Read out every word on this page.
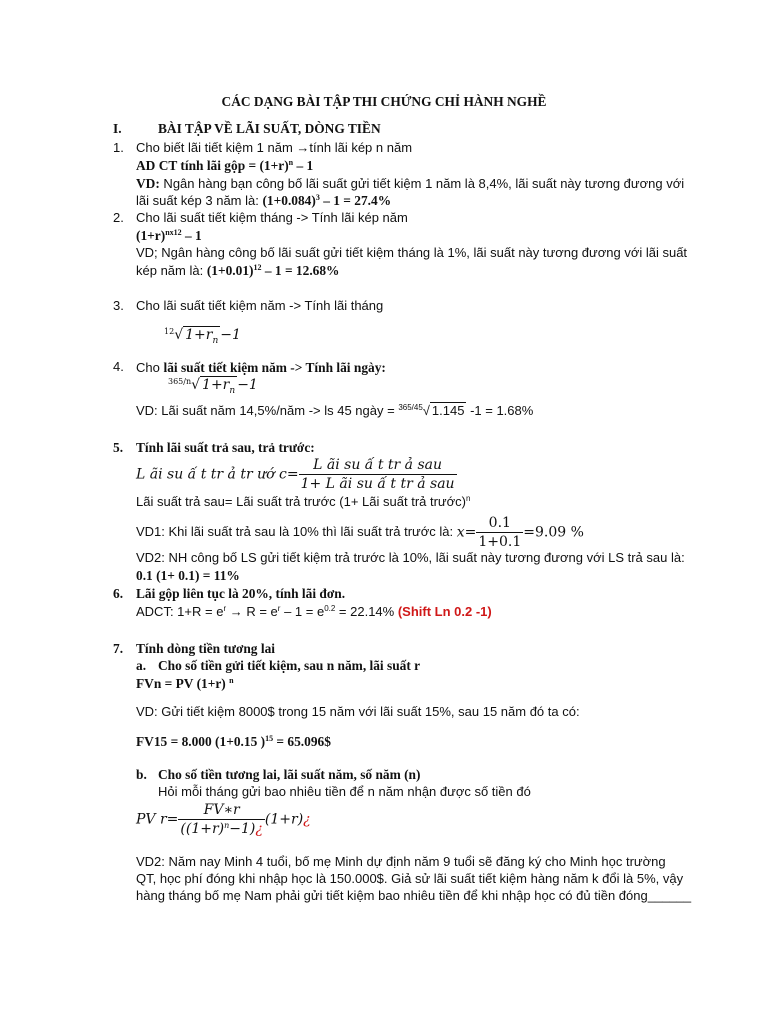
CÁC DẠNG BÀI TẬP THI CHỨNG CHỈ HÀNH NGHỀ
I.	BÀI TẬP VỀ LÃI SUẤT, DÒNG TIỀN
1. Cho biết lãi tiết kiệm 1 năm →tính lãi kép n năm
AD CT tính lãi gộp = $(1+r)^n - 1$
VD: Ngân hàng bạn công bố lãi suất gửi tiết kiệm 1 năm là 8,4%, lãi suất này tương đương với
lãi suất kép 3 năm là: $(1+0.084)^3 - 1 = 27.4\%$
2. Cho lãi suất tiết kiệm tháng -> Tính lãi kép năm
$(1+r)^{nx12} - 1$
VD; Ngân hàng công bố lãi suất gửi tiết kiệm tháng là 1%, lãi suất này tương đương với lãi suất
kép năm là: $(1+0.01)^{12} - 1 = 12.68\%$
3. Cho lãi suất tiết kiệm năm -> Tính lãi tháng
$^{12}$√ $1+r_n -1$
4. Cho lãi suất tiết kiệm năm -> Tính lãi ngày:
$^{365/n}$√ $1+r_n -1$
VD: Lãi suất năm 14,5%/năm -> ls 45 ngày = $^{365/45}$√ 1.145 -1 = 1.68%
5. Tính lãi suất trả sau, trả trước:
L ãi su ấ t tr ả tr ướ $c= \frac{\text{L ãi su ấ t tr ả sau}}{\text{1+ L ãi su ấ t tr ả sau}}$
Lãi suất trả sau= Lãi suất trả trước (1+ Lãi suất trả trước)$^n$
VD1: Khi lãi suất trả sau là 10% thì lãi suất trả trước là: $x= \frac{0.1}{1+0.1} =9.09$ %
VD2: NH công bố LS gửi tiết kiệm trả trước là 10%, lãi suất này tương đương với LS trả sau là:
0.1 (1+ 0.1) = 11%
6. Lãi gộp liên tục là 20%, tính lãi đơn.
ADCT: $1+R = e^r \to R = e^r - 1 = e^{0.2} = 22.14\%$ (Shift Ln 0.2 -1)
7. Tính dòng tiền tương lai
a. Cho số tiền gửi tiết kiệm, sau n năm, lãi suất r
FVn = PV (1+r) $^n$
VD: Gửi tiết kiệm 8000$ trong 15 năm với lãi suất 15%, sau 15 năm đó ta có:
FV15 = 8.000 (1+0.15 )$^{15}$ = 65.096$
b. Cho số tiền tương lai, lãi suất năm, số năm (n)
Hỏi mỗi tháng gửi bao nhiêu tiền để n năm nhận được số tiền đó
PV $r= \frac{FV∗r}{((1+r)^n-1)¿}$ (1+r)¿
VD2: Năm nay Minh 4 tuổi, bố mẹ Minh dự định năm 9 tuổi sẽ đăng ký cho Minh học trường
QT, học phí đóng khi nhập học là 150.000$. Giả sử lãi suất tiết kiệm hàng năm k đổi là 5%, vậy
hàng tháng bố mẹ Nam phải gửi tiết kiệm bao nhiêu tiền để khi nhập học có đủ tiền đóng______
